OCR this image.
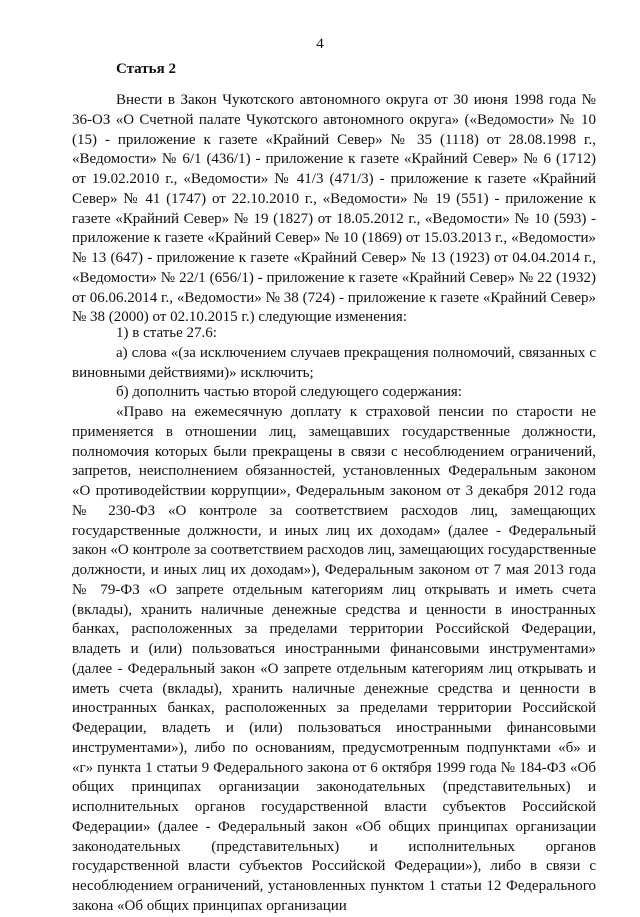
4
Статья 2

Внести в Закон Чукотского автономного округа от 30 июня 1998 года № 36-ОЗ «О Счетной палате Чукотского автономного округа» («Ведомости» № 10 (15) - приложение к газете «Крайний Север» № 35 (1118) от 28.08.1998 г., «Ведомости» № 6/1 (436/1) - приложение к газете «Крайний Север» № 6 (1712) от 19.02.2010 г., «Ведомости» № 41/3 (471/3) - приложение к газете «Крайний Север» № 41 (1747) от 22.10.2010 г., «Ведомости» № 19 (551) - приложение к газете «Крайний Север» № 19 (1827) от 18.05.2012 г., «Ведомости» № 10 (593) - приложение к газете «Крайний Север» № 10 (1869) от 15.03.2013 г., «Ведомости» № 13 (647) - приложение к газете «Крайний Север» № 13 (1923) от 04.04.2014 г., «Ведомости» № 22/1 (656/1) - приложение к газете «Крайний Север» № 22 (1932) от 06.06.2014 г., «Ведомости» № 38 (724) - приложение к газете «Крайний Север» № 38 (2000) от 02.10.2015 г.) следующие изменения:

1) в статье 27.6:

а) слова «(за исключением случаев прекращения полномочий, связанных с виновными действиями)» исключить;

б) дополнить частью второй следующего содержания:

«Право на ежемесячную доплату к страховой пенсии по старости не применяется в отношении лиц, замещавших государственные должности, полномочия которых были прекращены в связи с несоблюдением ограничений, запретов, неисполнением обязанностей, установленных Федеральным законом «О противодействии коррупции», Федеральным законом от 3 декабря 2012 года № 230-ФЗ «О контроле за соответствием расходов лиц, замещающих государственные должности, и иных лиц их доходам» (далее - Федеральный закон «О контроле за соответствием расходов лиц, замещающих государственные должности, и иных лиц их доходам»), Федеральным законом от 7 мая 2013 года № 79-ФЗ «О запрете отдельным категориям лиц открывать и иметь счета (вклады), хранить наличные денежные средства и ценности в иностранных банках, расположенных за пределами территории Российской Федерации, владеть и (или) пользоваться иностранными финансовыми инструментами» (далее - Федеральный закон «О запрете отдельным категориям лиц открывать и иметь счета (вклады), хранить наличные денежные средства и ценности в иностранных банках, расположенных за пределами территории Российской Федерации, владеть и (или) пользоваться иностранными финансовыми инструментами»), либо по основаниям, предусмотренным подпунктами «б» и «г» пункта 1 статьи 9 Федерального закона от 6 октября 1999 года № 184-ФЗ «Об общих принципах организации законодательных (представительных) и исполнительных органов государственной власти субъектов Российской Федерации» (далее - Федеральный закон «Об общих принципах организации законодательных (представительных) и исполнительных органов государственной власти субъектов Российской Федерации»), либо в связи с несоблюдением ограничений, установленных пунктом 1 статьи 12 Федерального закона «Об общих принципах организации
